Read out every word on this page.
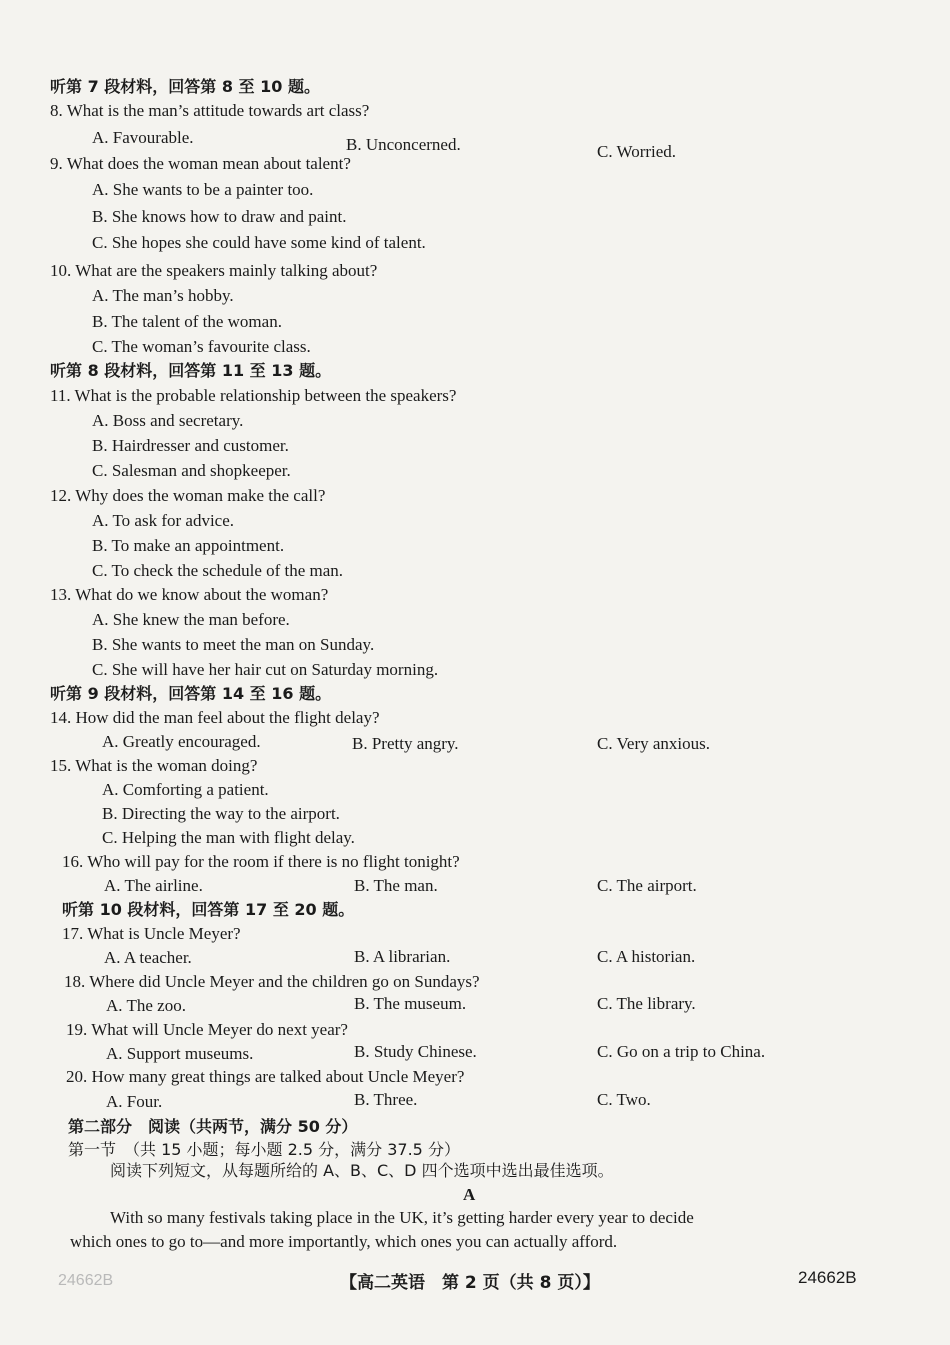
听第 7 段材料，回答第 8 至 10 题。
8. What is the man’s attitude towards art class?
A. Favourable.	B. Unconcerned.	C. Worried.
9. What does the woman mean about talent?
A. She wants to be a painter too.
B. She knows how to draw and paint.
C. She hopes she could have some kind of talent.
10. What are the speakers mainly talking about?
A. The man’s hobby.
B. The talent of the woman.
C. The woman’s favourite class.
听第 8 段材料，回答第 11 至 13 题。
11. What is the probable relationship between the speakers?
A. Boss and secretary.
B. Hairdresser and customer.
C. Salesman and shopkeeper.
12. Why does the woman make the call?
A. To ask for advice.
B. To make an appointment.
C. To check the schedule of the man.
13. What do we know about the woman?
A. She knew the man before.
B. She wants to meet the man on Sunday.
C. She will have her hair cut on Saturday morning.
听第 9 段材料，回答第 14 至 16 题。
14. How did the man feel about the flight delay?
A. Greatly encouraged.	B. Pretty angry.	C. Very anxious.
15. What is the woman doing?
A. Comforting a patient.
B. Directing the way to the airport.
C. Helping the man with flight delay.
16. Who will pay for the room if there is no flight tonight?
A. The airline.	B. The man.	C. The airport.
听第 10 段材料，回答第 17 至 20 题。
17. What is Uncle Meyer?
A. A teacher.	B. A librarian.	C. A historian.
18. Where did Uncle Meyer and the children go on Sundays?
A. The zoo.	B. The museum.	C. The library.
19. What will Uncle Meyer do next year?
A. Support museums.	B. Study Chinese.	C. Go on a trip to China.
20. How many great things are talked about Uncle Meyer?
A. Four.	B. Three.	C. Two.
第二部分　阅读（共两节，满分 50 分）
第一节　（共 15 小题；每小题 2.5 分，满分 37.5 分）
阅读下列短文，从每题所给的 A、B、C、D 四个选项中选出最佳选项。
A
With so many festivals taking place in the UK, it’s getting harder every year to decide
which ones to go to—and more importantly, which ones you can actually afford.
24662B	【高二英语　第 2 页（共 8 页）】	24662B
